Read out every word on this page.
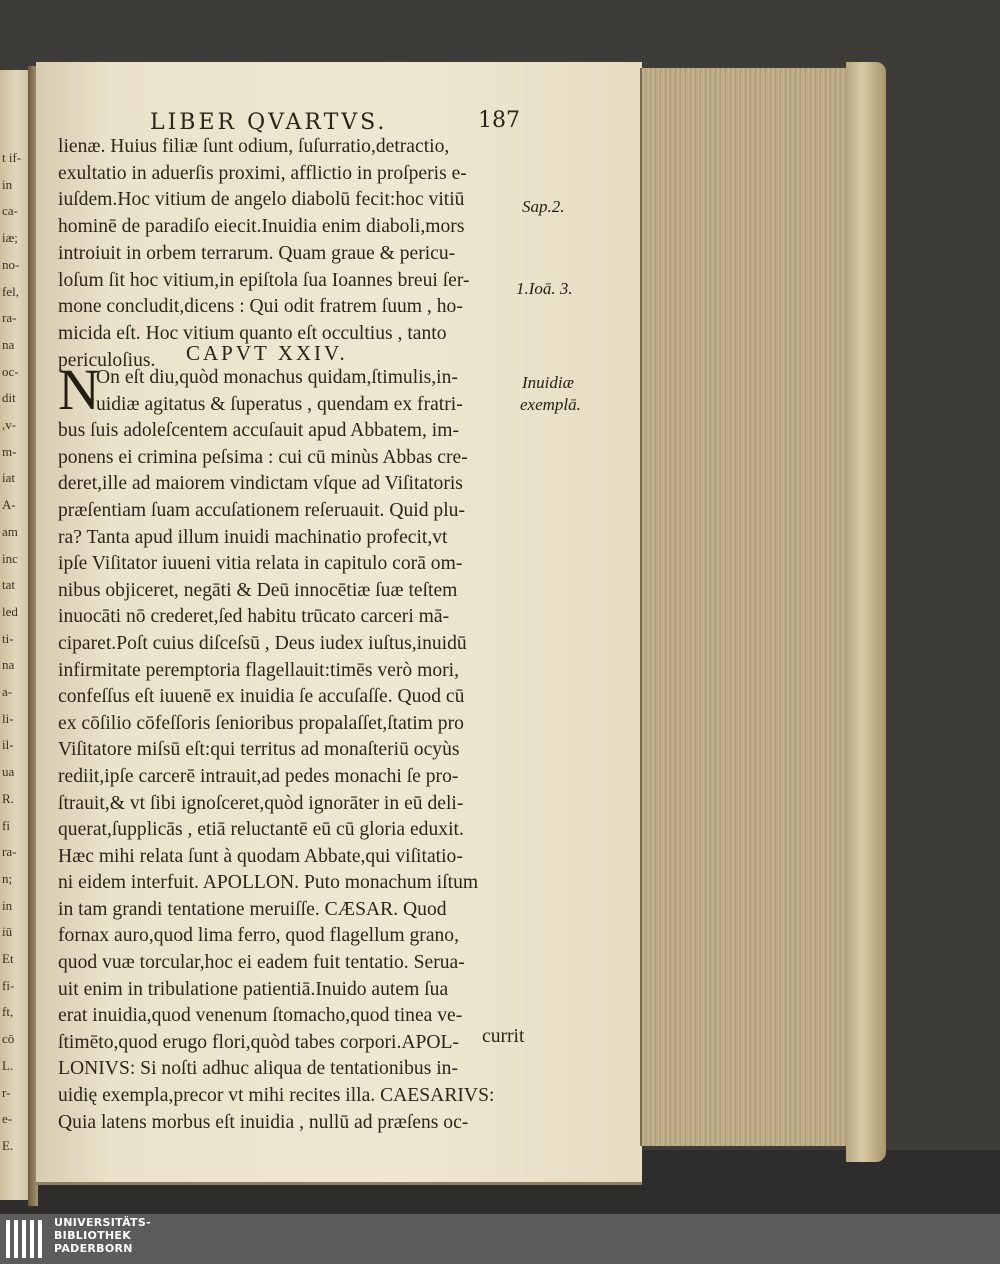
t if-
in
ca-
iæ;
no-
fel,
ra-
na
oc-
dit
,v-
m-
iat
A-
am
inc
tat
led
ti-
na
a-
li-
il-
ua
R.
fi
ra-
n;
in
iū
Et
fi-
ft,
cō
L.
r-
e-
E.
LIBER QVARTVS.	187
lienæ. Huius filiæ ſunt odium, ſuſurratio,detractio,
exultatio in aduerſis proximi, afflictio in proſperis e-
iuſdem.Hoc vitium de angelo diabolū fecit:hoc vitiū
hominē de paradiſo eiecit.Inuidia enim diaboli,mors
introiuit in orbem terrarum. Quam graue & pericu-
loſum ſit hoc vitium,in epiſtola ſua Ioannes breui ſer-
mone concludit,dicens : Qui odit fratrem ſuum , ho-
micida eſt. Hoc vitium quanto eſt occultius , tanto
periculoſius.	CAPVT XXIV.
N
On eſt diu,quòd monachus quidam,ſtimulis,in-
uidiæ agitatus & ſuperatus , quendam ex fratri-
bus ſuis adoleſcentem accuſauit apud Abbatem, im-
ponens ei crimina peſsima : cui cū minùs Abbas cre-
deret,ille ad maiorem vindictam vſque ad Viſitatoris
præſentiam ſuam accuſationem reſeruauit. Quid plu-
ra? Tanta apud illum inuidi machinatio profecit,vt
ipſe Viſitator iuueni vitia relata in capitulo corā om-
nibus objiceret, negāti & Deū innocētiæ ſuæ teſtem
inuocāti nō crederet,ſed habitu trūcato carceri mā-
ciparet.Poſt cuius diſceſsū , Deus iudex iuſtus,inuidū
infirmitate peremptoria flagellauit:timēs verò mori,
confeſſus eſt iuuenē ex inuidia ſe accuſaſſe. Quod cū
ex cōſilio cōfeſſoris ſenioribus propalaſſet,ſtatim pro
Viſitatore miſsū eſt:qui territus ad monaſteriū ocyùs
rediit,ipſe carcerē intrauit,ad pedes monachi ſe pro-
ſtrauit,& vt ſibi ignoſceret,quòd ignorāter in eū deli-
querat,ſupplicās , etiā reluctantē eū cū gloria eduxit.
Hæc mihi relata ſunt à quodam Abbate,qui viſitatio-
ni eidem interfuit. APOLLON. Puto monachum iſtum
in tam grandi tentatione meruiſſe. CÆSAR. Quod
fornax auro,quod lima ferro, quod flagellum grano,
quod vuæ torcular,hoc ei eadem fuit tentatio. Serua-
uit enim in tribulatione patientiā.Inuido autem ſua
erat inuidia,quod venenum ſtomacho,quod tinea ve-
ſtimēto,quod erugo flori,quòd tabes corpori.APOL-
LONIVS: Si noſti adhuc aliqua de tentationibus in-
uidię exempla,precor vt mihi recites illa. CAESARIVS:
Quia latens morbus eſt inuidia , nullū ad præſens oc-
currit
Sap.2.
1.Ioā. 3.
Inuidiæ
exemplā.
UNIVERSITÄTS-
BIBLIOTHEK
PADERBORN
